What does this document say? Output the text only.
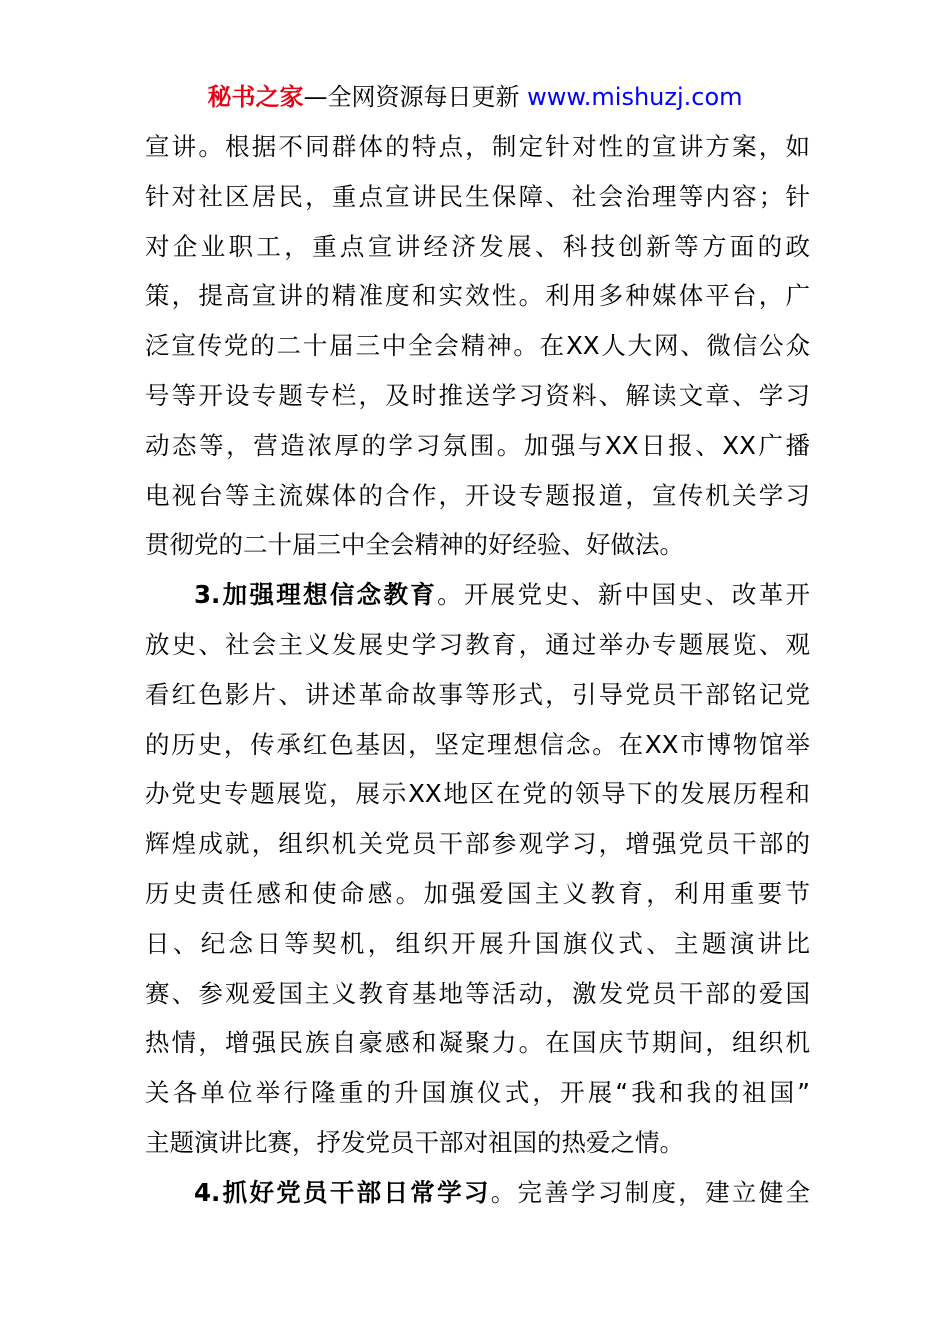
秘书之家—全网资源每日更新 www.mishuzj.com
宣讲。根据不同群体的特点，制定针对性的宣讲方案，如
针对社区居民，重点宣讲民生保障、社会治理等内容；针
对企业职工，重点宣讲经济发展、科技创新等方面的政
策，提高宣讲的精准度和实效性。利用多种媒体平台，广
泛宣传党的二十届三中全会精神。在XX人大网、微信公众
号等开设专题专栏，及时推送学习资料、解读文章、学习
动态等，营造浓厚的学习氛围。加强与XX日报、XX广播
电视台等主流媒体的合作，开设专题报道，宣传机关学习
贯彻党的二十届三中全会精神的好经验、好做法。
3.加强理想信念教育。开展党史、新中国史、改革开
放史、社会主义发展史学习教育，通过举办专题展览、观
看红色影片、讲述革命故事等形式，引导党员干部铭记党
的历史，传承红色基因，坚定理想信念。在XX市博物馆举
办党史专题展览，展示XX地区在党的领导下的发展历程和
辉煌成就，组织机关党员干部参观学习，增强党员干部的
历史责任感和使命感。加强爱国主义教育，利用重要节
日、纪念日等契机，组织开展升国旗仪式、主题演讲比
赛、参观爱国主义教育基地等活动，激发党员干部的爱国
热情，增强民族自豪感和凝聚力。在国庆节期间，组织机
关各单位举行隆重的升国旗仪式，开展“我和我的祖国”
主题演讲比赛，抒发党员干部对祖国的热爱之情。
4.抓好党员干部日常学习。完善学习制度，建立健全
